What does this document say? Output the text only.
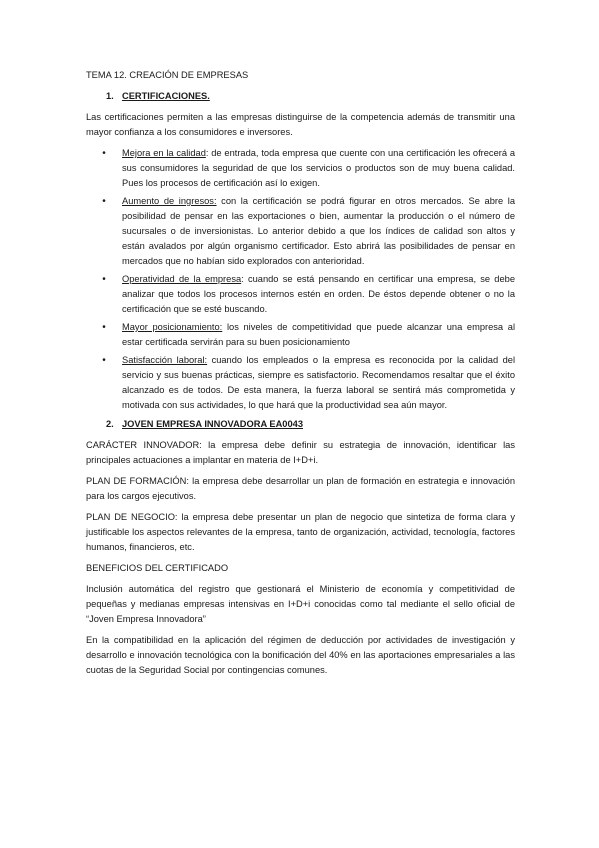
TEMA 12. CREACIÓN DE EMPRESAS
1. CERTIFICACIONES.

Las certificaciones permiten a las empresas distinguirse de la competencia además de transmitir una mayor confianza a los consumidores e inversores.

•	Mejora en la calidad: de entrada, toda empresa que cuente con una certificación les ofrecerá a sus consumidores la seguridad de que los servicios o productos son de muy buena calidad. Pues los procesos de certificación así lo exigen.
•	Aumento de ingresos: con la certificación se podrá figurar en otros mercados. Se abre la posibilidad de pensar en las exportaciones o bien, aumentar la producción o el número de sucursales o de inversionistas. Lo anterior debido a que los índices de calidad son altos y están avalados por algún organismo certificador. Esto abrirá las posibilidades de pensar en mercados que no habían sido explorados con anterioridad.
•	Operatividad de la empresa: cuando se está pensando en certificar una empresa, se debe analizar que todos los procesos internos estén en orden. De éstos depende obtener o no la certificación que se esté buscando.
•	Mayor posicionamiento: los niveles de competitividad que puede alcanzar una empresa al estar certificada servirán para su buen posicionamiento
•	Satisfacción laboral: cuando los empleados o la empresa es reconocida por la calidad del servicio y sus buenas prácticas, siempre es satisfactorio. Recomendamos resaltar que el éxito alcanzado es de todos. De esta manera, la fuerza laboral se sentirá más comprometida y motivada con sus actividades, lo que hará que la productividad sea aún mayor.
2. JOVEN EMPRESA INNOVADORA EA0043

CARÁCTER INNOVADOR: la empresa debe definir su estrategia de innovación, identificar las principales actuaciones a implantar en materia de I+D+i.

PLAN DE FORMACIÓN: la empresa debe desarrollar un plan de formación en estrategia e innovación para los cargos ejecutivos.

PLAN DE NEGOCIO: la empresa debe presentar un plan de negocio que sintetiza de forma clara y justificable los aspectos relevantes de la empresa, tanto de organización, actividad, tecnología, factores humanos, financieros, etc.

BENEFICIOS DEL CERTIFICADO

Inclusión automática del registro que gestionará el Ministerio de economía y competitividad de pequeñas y medianas empresas intensivas en I+D+i conocidas como tal mediante el sello oficial de “Joven Empresa Innovadora”

En la compatibilidad en la aplicación del régimen de deducción por actividades de investigación y desarrollo e innovación tecnológica con la bonificación del 40% en las aportaciones empresariales a las cuotas de la Seguridad Social por contingencias comunes.
